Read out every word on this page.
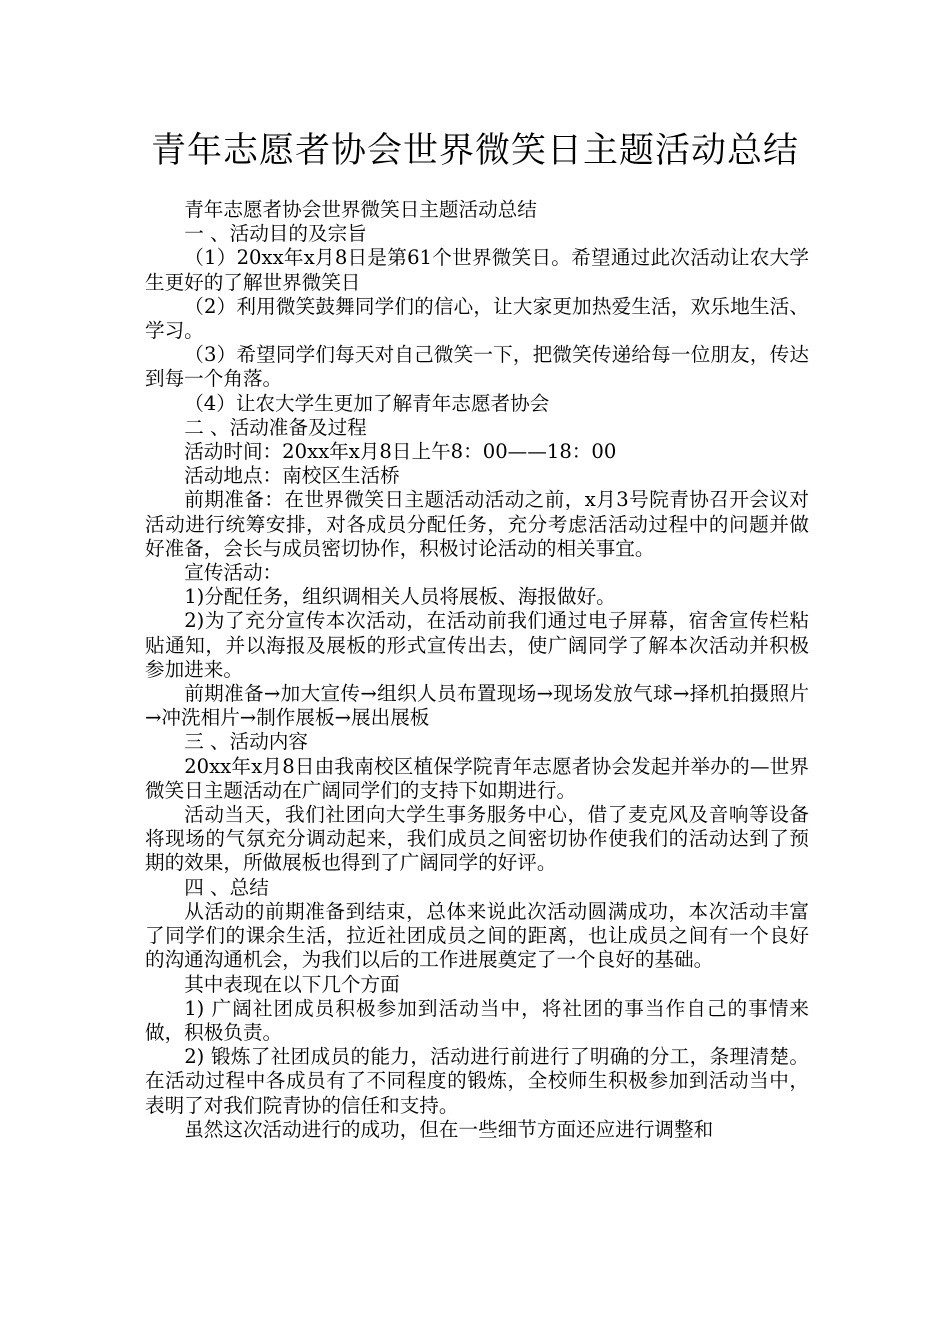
青年志愿者协会世界微笑日主题活动总结

青年志愿者协会世界微笑日主题活动总结

一 、活动目的及宗旨

（1）20xx年x月8日是第61个世界微笑日。希望通过此次活动让农大学生更好的了解世界微笑日

（2）利用微笑鼓舞同学们的信心，让大家更加热爱生活，欢乐地生活、学习。

（3）希望同学们每天对自己微笑一下，把微笑传递给每一位朋友，传达到每一个角落。

（4）让农大学生更加了解青年志愿者协会

二 、活动准备及过程

活动时间：20xx年x月8日上午8：00——18：00

活动地点：南校区生活桥

前期准备：在世界微笑日主题活动活动之前，x月3号院青协召开会议对活动进行统筹安排，对各成员分配任务，充分考虑活活动过程中的问题并做好准备，会长与成员密切协作，积极讨论活动的相关事宜。

宣传活动：

1)分配任务，组织调相关人员将展板、海报做好。

2)为了充分宣传本次活动，在活动前我们通过电子屏幕，宿舍宣传栏粘贴通知，并以海报及展板的形式宣传出去，使广阔同学了解本次活动并积极参加进来。

前期准备→加大宣传→组织人员布置现场→现场发放气球→择机拍摄照片→冲洗相片→制作展板→展出展板

三 、活动内容

20xx年x月8日由我南校区植保学院青年志愿者协会发起并举办的—世界微笑日主题活动在广阔同学们的支持下如期进行。

活动当天，我们社团向大学生事务服务中心，借了麦克风及音响等设备将现场的气氛充分调动起来，我们成员之间密切协作使我们的活动达到了预期的效果，所做展板也得到了广阔同学的好评。

四 、总结

从活动的前期准备到结束，总体来说此次活动圆满成功，本次活动丰富了同学们的课余生活，拉近社团成员之间的距离，也让成员之间有一个良好的沟通沟通机会，为我们以后的工作进展奠定了一个良好的基础。

其中表现在以下几个方面

1) 广阔社团成员积极参加到活动当中，将社团的事当作自己的事情来做，积极负责。

2) 锻炼了社团成员的能力，活动进行前进行了明确的分工，条理清楚。在活动过程中各成员有了不同程度的锻炼，全校师生积极参加到活动当中，表明了对我们院青协的信任和支持。

虽然这次活动进行的成功，但在一些细节方面还应进行调整和
